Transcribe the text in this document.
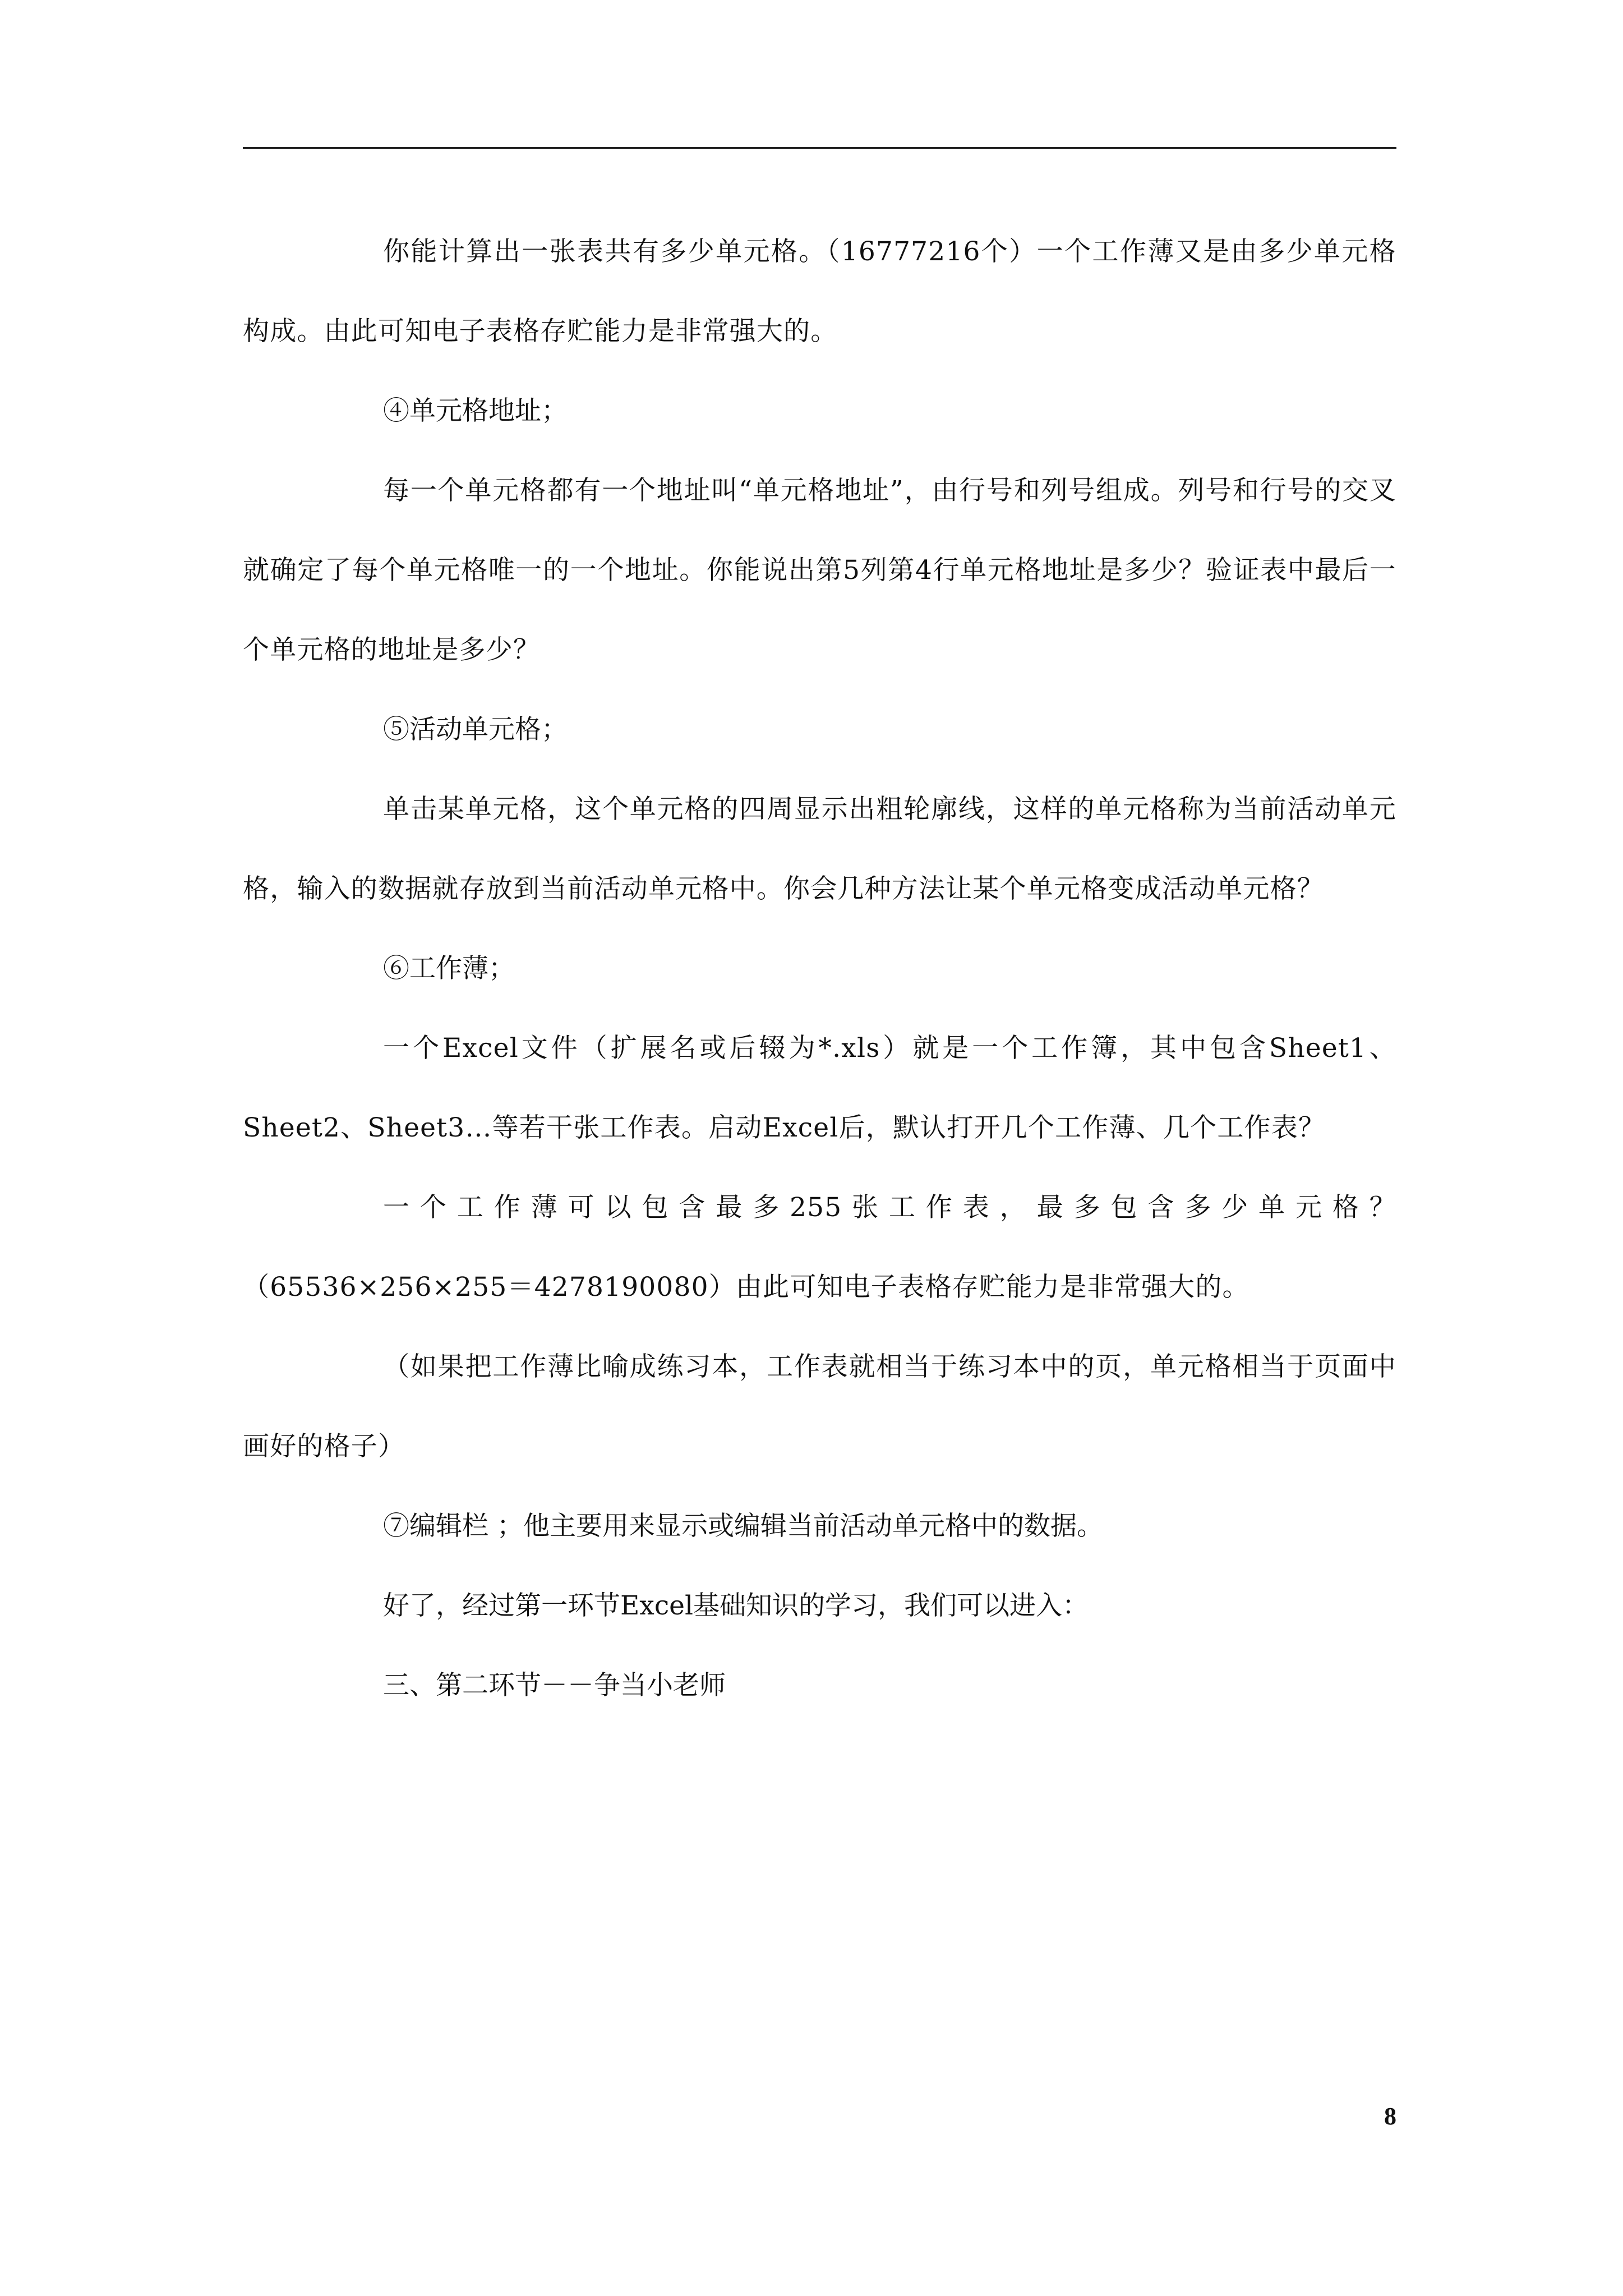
你能计算出一张表共有多少单元格。（16777216个）一个工作薄又是由多少单元格构成。由此可知电子表格存贮能力是非常强大的。

④单元格地址；

每一个单元格都有一个地址叫“单元格地址”，由行号和列号组成。列号和行号的交叉就确定了每个单元格唯一的一个地址。你能说出第5列第4行单元格地址是多少？验证表中最后一个单元格的地址是多少？

⑤活动单元格；

单击某单元格，这个单元格的四周显示出粗轮廓线，这样的单元格称为当前活动单元格，输入的数据就存放到当前活动单元格中。你会几种方法让某个单元格变成活动单元格？

⑥工作薄；

一个Excel文件（扩展名或后辍为*.xls）就是一个工作簿，其中包含Sheet1、Sheet2、Sheet3…等若干张工作表。启动Excel后，默认打开几个工作薄、几个工作表？

一个工作薄可以包含最多255张工作表，最多包含多少单元格？（65536×256×255＝4278190080）由此可知电子表格存贮能力是非常强大的。

（如果把工作薄比喻成练习本，工作表就相当于练习本中的页，单元格相当于页面中画好的格子）

⑦编辑栏 ；他主要用来显示或编辑当前活动单元格中的数据。

好了，经过第一环节Excel基础知识的学习，我们可以进入：

三、第二环节－－争当小老师

8
